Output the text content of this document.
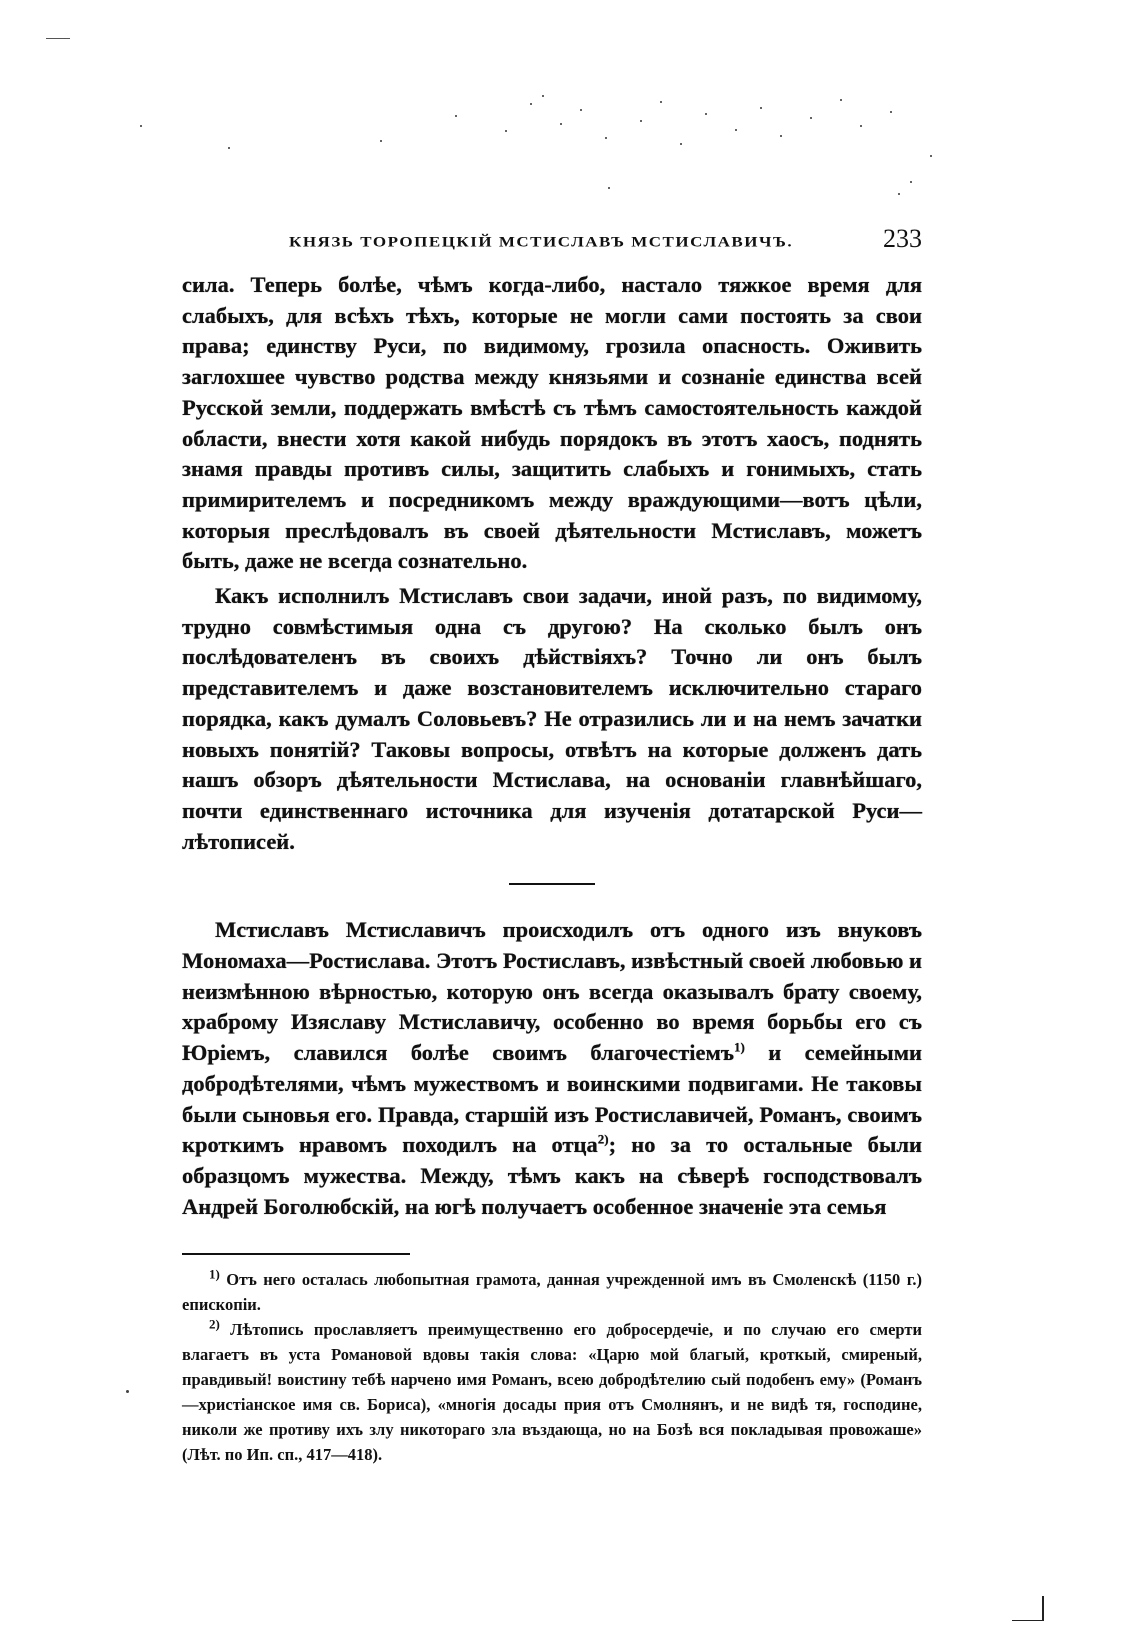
КНЯЗЬ ТОРОПЕЦКІЙ МСТИСЛАВЪ МСТИСЛАВИЧЪ.	233

сила. Теперь болѣе, чѣмъ когда-либо, настало тяжкое время для слабыхъ, для всѣхъ тѣхъ, которые не могли сами постоять за свои права; единству Руси, по видимому, грозила опасность. Оживить заглохшее чувство родства между князьями и сознаніе единства всей Русской земли, поддержать вмѣстѣ съ тѣмъ самостоятельность каждой области, внести хотя какой нибудь порядокъ въ этотъ хаосъ, поднять знамя правды противъ силы, защитить слабыхъ и гонимыхъ, стать примирителемъ и посредникомъ между враждующими—вотъ цѣли, которыя преслѣдовалъ въ своей дѣятельности Мстиславъ, можетъ быть, даже не всегда сознательно.

Какъ исполнилъ Мстиславъ свои задачи, иной разъ, по видимому, трудно совмѣстимыя одна съ другою? На сколько былъ онъ послѣдователенъ въ своихъ дѣйствіяхъ? Точно ли онъ былъ представителемъ и даже возстановителемъ исключительно стараго порядка, какъ думалъ Соловьевъ? Не отразились ли и на немъ зачатки новыхъ понятій? Таковы вопросы, отвѣтъ на которые долженъ дать нашъ обзоръ дѣятельности Мстислава, на основаніи главнѣйшаго, почти единственнаго источника для изученія дотатарской Руси—лѣтописей.

Мстиславъ Мстиславичъ происходилъ отъ одного изъ внуковъ Мономаха—Ростислава. Этотъ Ростиславъ, извѣстный своей любовью и неизмѣнною вѣрностью, которую онъ всегда оказывалъ брату своему, храброму Изяславу Мстиславичу, особенно во время борьбы его съ Юріемъ, славился болѣе своимъ благочестіемъ$^{1)}$ и семейными добродѣтелями, чѣмъ мужествомъ и воинскими подвигами. Не таковы были сыновья его. Правда, старшій изъ Ростиславичей, Романъ, своимъ кроткимъ нравомъ походилъ на отца$^{2)}$; но за то остальные были образцомъ мужества. Между, тѣмъ какъ на сѣверѣ господствовалъ Андрей Боголюбскій, на югѣ получаетъ особенное значеніе эта семья

$^{1)}$ Отъ него осталась любопытная грамота, данная учрежденной имъ въ Смоленскѣ (1150 г.) епископіи.

$^{2)}$ Лѣтопись прославляетъ преимущественно его добросердечіе, и по случаю его смерти влагаетъ въ уста Романовой вдовы такія слова: «Царю мой благый, кроткый, смиреный, правдивый! воистину тебѣ нарчено имя Романъ, всею добродѣтелию сый подобенъ ему» (Романъ—христіанское имя св. Бориса), «многія досады прия отъ Смолнянъ, и не видѣ тя, господине, николи же противу ихъ злу никотораго зла въздающа, но на Бозѣ вся покладывая провожаше» (Лѣт. по Ип. сп., 417—418).
